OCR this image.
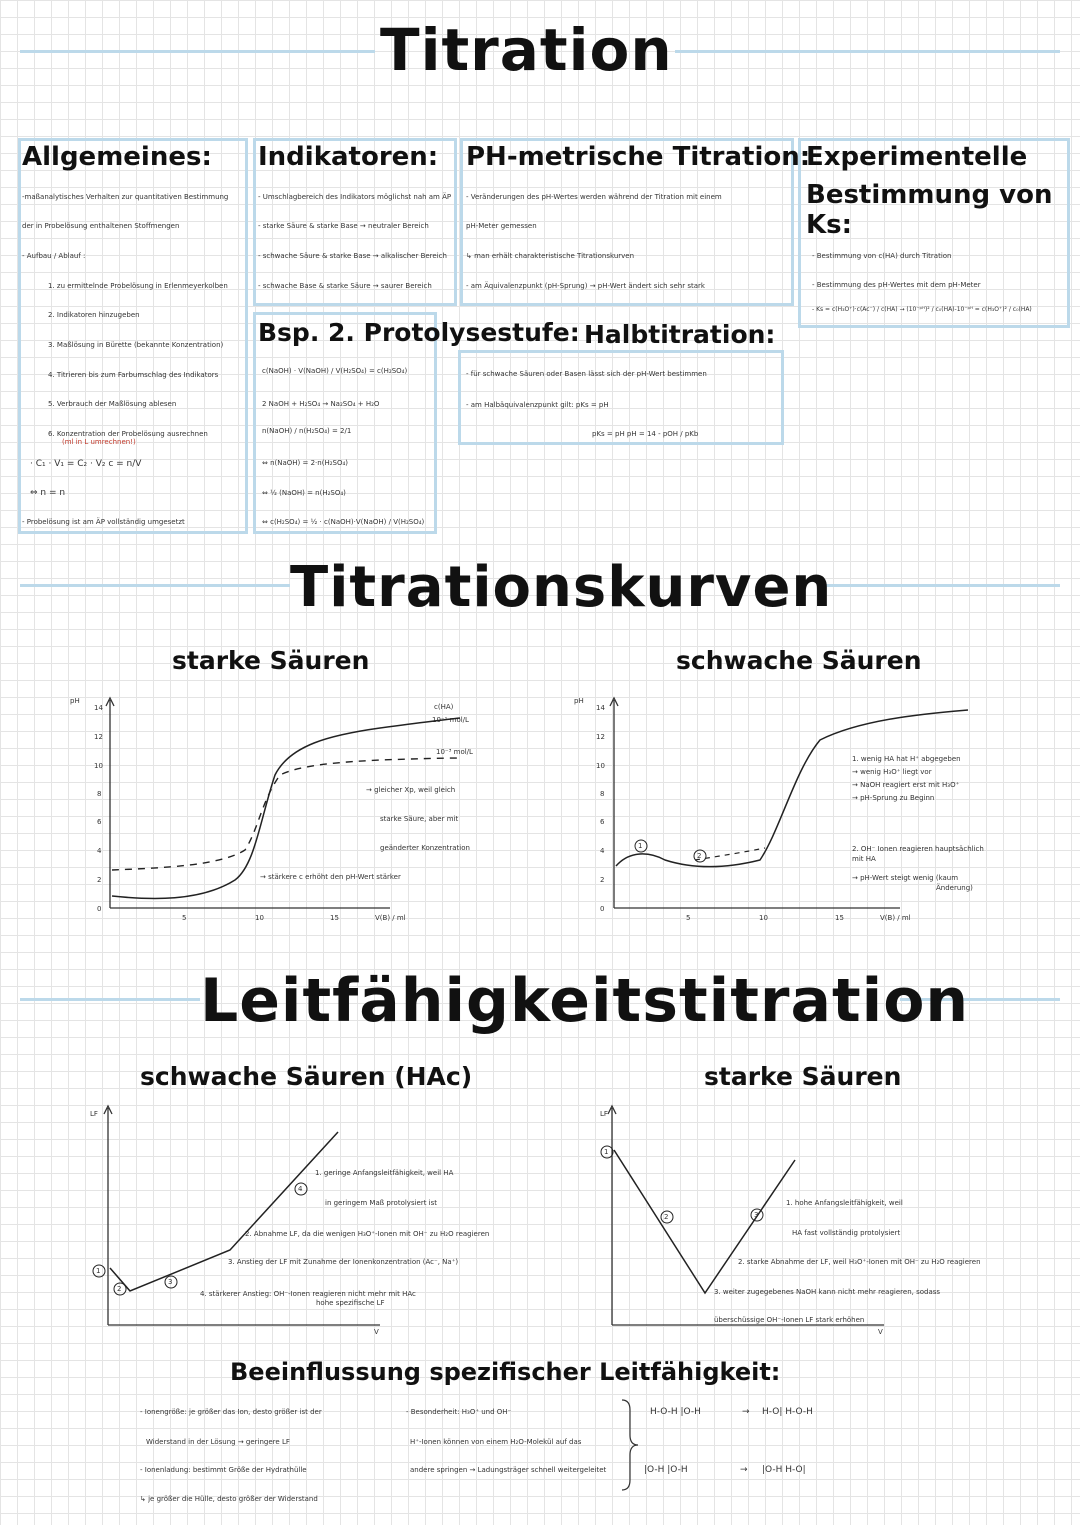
Titration
Allgemeines:
-maßanalytisches Verhalten zur quantitativen Bestimmung
der in Probelösung enthaltenen Stoffmengen
- Aufbau / Ablauf :
1. zu ermittelnde Probelösung in Erlenmeyerkolben
2. Indikatoren hinzugeben
3. Maßlösung in Bürette (bekannte Konzentration)
4. Titrieren bis zum Farbumschlag des Indikators
5. Verbrauch der Maßlösung ablesen
6. Konzentration der Probelösung ausrechnen
(ml in L umrechnen!)
· C₁ · V₁ = C₂ · V₂ c = n/V
⇔ n = n
- Probelösung ist am ÄP vollständig umgesetzt
Indikatoren:
- Umschlagbereich des Indikators möglichst nah am ÄP
- starke Säure & starke Base → neutraler Bereich
- schwache Säure & starke Base → alkalischer Bereich
- schwache Base & starke Säure → saurer Bereich
PH-metrische Titration:
- Veränderungen des pH-Wertes werden während der Titration mit einem
pH-Meter gemessen
↳ man erhält charakteristische Titrationskurven
- am Äquivalenzpunkt (pH-Sprung) → pH-Wert ändert sich sehr stark
Experimentelle
Bestimmung von Ks:
- Bestimmung von c(HA) durch Titration
- Bestimmung des pH-Wertes mit dem pH-Meter
- Ks = c(H₃O⁺)·c(Ac⁻) / c(HA) → (10⁻ᵖᴴ)² / c₀(HA)-10⁻ᵖᴴ = c(H₃O⁺)² / c₀(HA)
Bsp. 2. Protolysestufe:
c(NaOH) · V(NaOH) / V(H₂SO₄) = c(H₂SO₄)
2 NaOH + H₂SO₄ → Na₂SO₄ + H₂O
n(NaOH) / n(H₂SO₄) = 2/1
⇔ n(NaOH) = 2·n(H₂SO₄)
⇔ ½ (NaOH) = n(H₂SO₄)
⇔ c(H₂SO₄) = ½ · c(NaOH)·V(NaOH) / V(H₂SO₄)
Halbtitration:
- für schwache Säuren oder Basen lässt sich der pH-Wert bestimmen
- am Halbäquivalenzpunkt gilt: pKs = pH
pKs = pH pH = 14 - pOH / pKb
Titrationskurven
starke Säuren	schwache Säuren
pH
14
12
10
8
6
4
2
0
5	10	15	V(B) / ml
c(HA)
10⁻¹ mol/L
10⁻³ mol/L
→ gleicher Xp, weil gleich
starke Säure, aber mit
geänderter Konzentration
→ stärkere c erhöht den pH-Wert stärker
pH
14
12
10
8
6
4
2
0
5	10	15	V(B) / ml
1. wenig HA hat H⁺ abgegeben
→ wenig H₃O⁺ liegt vor
→ NaOH reagiert erst mit H₃O⁺
→ pH-Sprung zu Beginn
2. OH⁻ Ionen reagieren hauptsächlich
mit HA
→ pH-Wert steigt wenig (kaum
Änderung)
1
2
Leitfähigkeitstitration
schwache Säuren (HAc)	starke Säuren
LF	LF
V	V
1
2
3
4
1
2	3
1. geringe Anfangsleitfähigkeit, weil HA
in geringem Maß protolysiert ist
2. Abnahme LF, da die wenigen H₃O⁺-Ionen mit OH⁻ zu H₂O reagieren
3. Anstieg der LF mit Zunahme der Ionenkonzentration (Ac⁻, Na⁺)
4. stärkerer Anstieg: OH⁻-Ionen reagieren nicht mehr mit HAc
hohe spezifische LF
1. hohe Anfangsleitfähigkeit, weil
HA fast vollständig protolysiert
2. starke Abnahme der LF, weil H₃O⁺-Ionen mit OH⁻ zu H₂O reagieren
3. weiter zugegebenes NaOH kann nicht mehr reagieren, sodass
überschüssige OH⁻-Ionen LF stark erhöhen
Beeinflussung spezifischer Leitfähigkeit:
- Ionengröße: je größer das Ion, desto größer ist der
Widerstand in der Lösung → geringere LF
- Ionenladung: bestimmt Größe der Hydrathülle
↳ je größer die Hülle, desto größer der Widerstand
- Besonderheit: H₃O⁺ und OH⁻
H⁺-Ionen können von einem H₂O-Molekül auf das
andere springen → Ladungsträger schnell weitergeleitet
H-O-H |O-H	→ H-O| H-O-H
|O-H |O-H	→ |O-H H-O|
